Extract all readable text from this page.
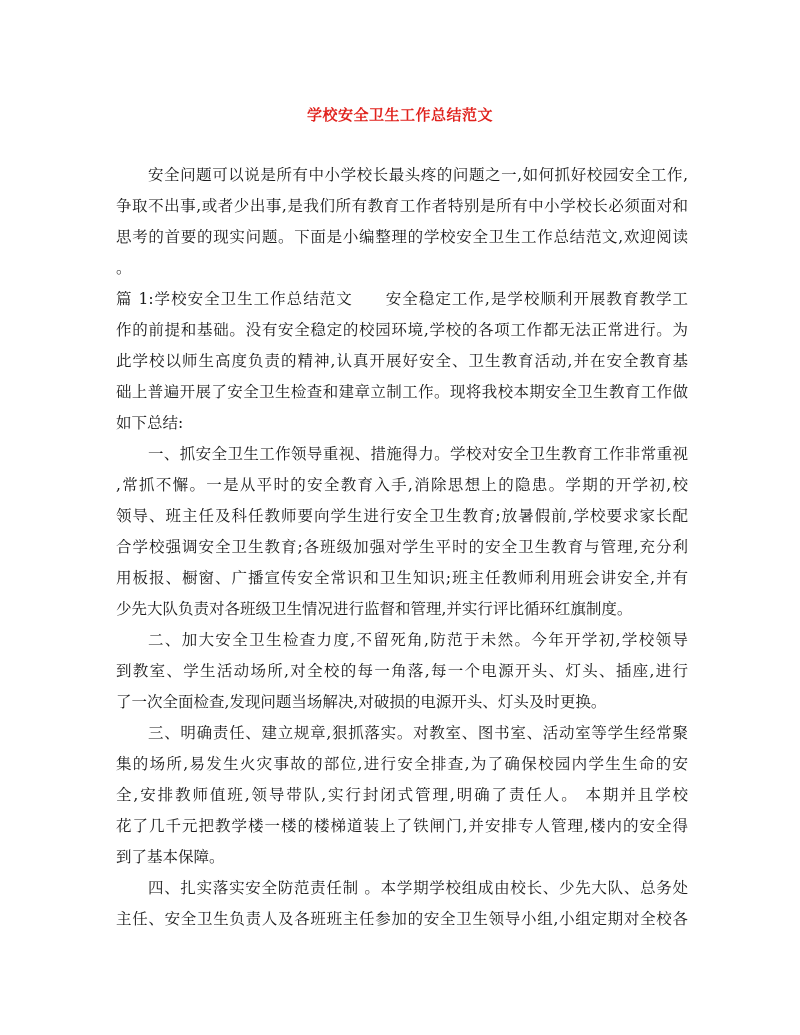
学校安全卫生工作总结范文
安全问题可以说是所有中小学校长最头疼的问题之一,如何抓好校园安全工作,
争取不出事,或者少出事,是我们所有教育工作者特别是所有中小学校长必须面对和
思考的首要的现实问题。下面是小编整理的学校安全卫生工作总结范文,欢迎阅读
。
篇 1:学校安全卫生工作总结范文　　安全稳定工作,是学校顺利开展教育教学工
作的前提和基础。没有安全稳定的校园环境,学校的各项工作都无法正常进行。为
此学校以师生高度负责的精神,认真开展好安全、卫生教育活动,并在安全教育基
础上普遍开展了安全卫生检查和建章立制工作。现将我校本期安全卫生教育工作做
如下总结:
一、抓安全卫生工作领导重视、措施得力。学校对安全卫生教育工作非常重视
,常抓不懈。一是从平时的安全教育入手,消除思想上的隐患。学期的开学初,校
领导、班主任及科任教师要向学生进行安全卫生教育;放暑假前,学校要求家长配
合学校强调安全卫生教育;各班级加强对学生平时的安全卫生教育与管理,充分利
用板报、橱窗、广播宣传安全常识和卫生知识;班主任教师利用班会讲安全,并有
少先大队负责对各班级卫生情况进行监督和管理,并实行评比循环红旗制度。
二、加大安全卫生检查力度,不留死角,防范于未然。今年开学初,学校领导
到教室、学生活动场所,对全校的每一角落,每一个电源开头、灯头、插座,进行
了一次全面检查,发现问题当场解决,对破损的电源开头、灯头及时更换。
三、明确责任、建立规章,狠抓落实。对教室、图书室、活动室等学生经常聚
集的场所,易发生火灾事故的部位,进行安全排查,为了确保校园内学生生命的安
全,安排教师值班,领导带队,实行封闭式管理,明确了责任人。 本期并且学校
花了几千元把教学楼一楼的楼梯道装上了铁闸门,并安排专人管理,楼内的安全得
到了基本保障。
四、扎实落实安全防范责任制 。本学期学校组成由校长、少先大队、总务处
主任、安全卫生负责人及各班班主任参加的安全卫生领导小组,小组定期对全校各
